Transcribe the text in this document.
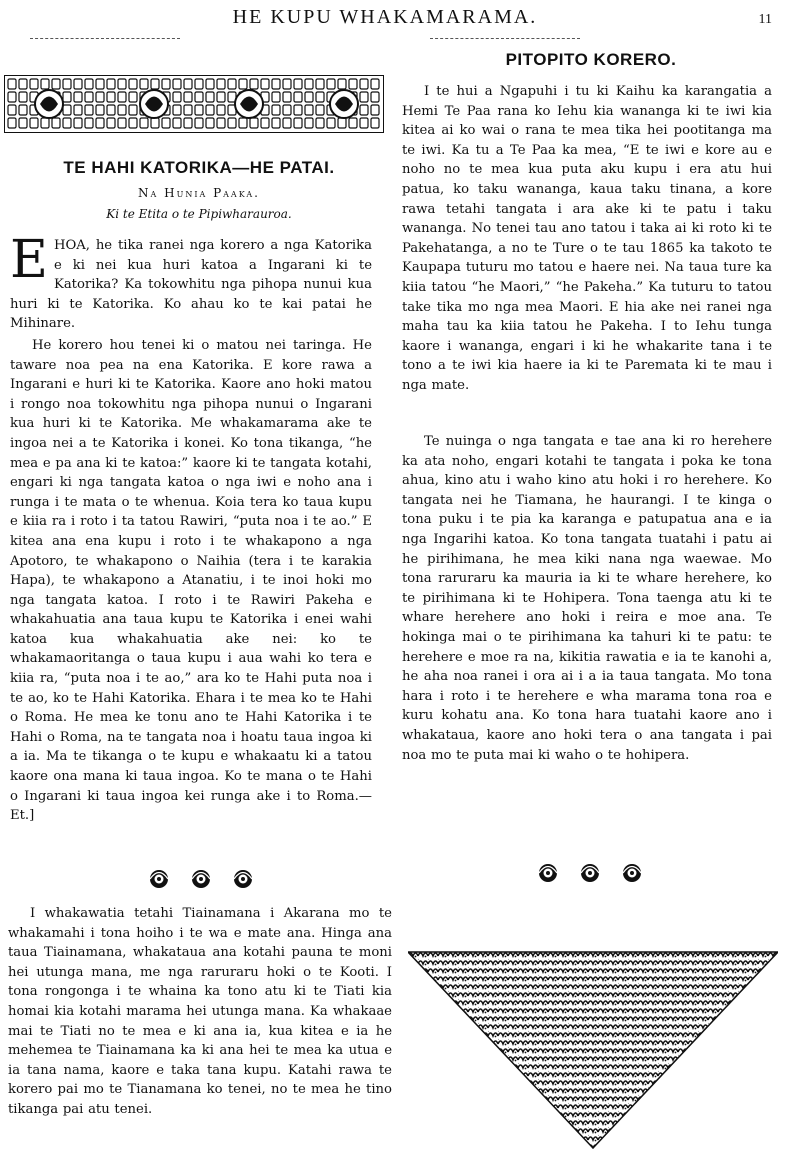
HE KUPU WHAKAMARAMA.	11
TE HAHI KATORIKA—HE PATAI.
Na Hunia Paaka.
Ki te Etita o te Pipiwharauroa.

EHOA, he tika ranei nga korero a nga Katorika e ki nei kua huri katoa a Ingarani ki te Katorika? Ka tokowhitu nga pihopa nunui kua huri ki te Katorika. Ko ahau ko te kai patai he Mihinare.

He korero hou tenei ki o matou nei taringa. He taware noa pea na ena Katorika. E kore rawa a Ingarani e huri ki te Katorika. Kaore ano hoki matou i rongo noa tokowhitu nga pihopa nunui o Ingarani kua huri ki te Katorika. Me whakamarama ake te ingoa nei a te Katorika i konei. Ko tona tikanga, “he mea e pa ana ki te katoa:” kaore ki te tangata kotahi, engari ki nga tangata katoa o nga iwi e noho ana i runga i te mata o te whenua. Koia tera ko taua kupu e kiia ra i roto i ta tatou Rawiri, “puta noa i te ao.” E kitea ana ena kupu i roto i te whakapono a nga Apotoro, te whakapono o Naihia (tera i te karakia Hapa), te whakapono a Atanatiu, i te inoi hoki mo nga tangata katoa. I roto i te Rawiri Pakeha e whakahuatia ana taua kupu te Katorika i enei wahi katoa kua whakahuatia ake nei: ko te whakamaoritanga o taua kupu i aua wahi ko tera e kiia ra, “puta noa i te ao,” ara ko te Hahi puta noa i te ao, ko te Hahi Katorika. Ehara i te mea ko te Hahi o Roma. He mea ke tonu ano te Hahi Katorika i te Hahi o Roma, na te tangata noa i hoatu taua ingoa ki a ia. Ma te tikanga o te kupu e whakaatu ki a tatou kaore ona mana ki taua ingoa. Ko te mana o te Hahi o Ingarani ki taua ingoa kei runga ake i to Roma.—Et.]

PITOPITO KORERO.

I te hui a Ngapuhi i tu ki Kaihu ka karangatia a Hemi Te Paa rana ko Iehu kia wananga ki te iwi kia kitea ai ko wai o rana te mea tika hei pootitanga ma te iwi. Ka tu a Te Paa ka mea, “E te iwi e kore au e noho no te mea kua puta aku kupu i era atu hui patua, ko taku wananga, kaua taku tinana, a kore rawa tetahi tangata i ara ake ki te patu i taku wananga. No tenei tau ano tatou i taka ai ki roto ki te Pakehatanga, a no te Ture o te tau 1865 ka takoto te Kaupapa tuturu mo tatou e haere nei. Na taua ture ka kiia tatou “he Maori,” “he Pakeha.” Ka tuturu to tatou take tika mo nga mea Maori. E hia ake nei ranei nga maha tau ka kiia tatou he Pakeha. I to Iehu tunga kaore i wananga, engari i ki he whakarite tana i te tono a te iwi kia haere ia ki te Paremata ki te mau i nga mate.

Te nuinga o nga tangata e tae ana ki ro herehere ka ata noho, engari kotahi te tangata i poka ke tona ahua, kino atu i waho kino atu hoki i ro herehere. Ko tangata nei he Tiamana, he haurangi. I te kinga o tona puku i te pia ka karanga e patupatua ana e ia nga Ingarihi katoa. Ko tona tangata tuatahi i patu ai he pirihimana, he mea kiki nana nga waewae. Mo tona raruraru ka mauria ia ki te whare herehere, ko te pirihimana ki te Hohipera. Tona taenga atu ki te whare herehere ano hoki i reira e moe ana. Te hokinga mai o te pirihimana ka tahuri ki te patu: te herehere e moe ra na, kikitia rawatia e ia te kanohi a, he aha noa ranei i ora ai i a ia taua tangata. Mo tona hara i roto i te herehere e wha marama tona roa e kuru kohatu ana. Ko tona hara tuatahi kaore ano i whakataua, kaore ano hoki tera o ana tangata i pai noa mo te puta mai ki waho o te hohipera.

I whakawatia tetahi Tiainamana i Akarana mo te whakamahi i tona hoiho i te wa e mate ana. Hinga ana taua Tiainamana, whakataua ana kotahi pauna te moni hei utunga mana, me nga raruraru hoki o te Kooti. I tona rongonga i te whaina ka tono atu ki te Tiati kia homai kia kotahi marama hei utunga mana. Ka whakaae mai te Tiati no te mea e ki ana ia, kua kitea e ia he mehemea te Tiainamana ka ki ana hei te mea ka utua e ia tana nama, kaore e taka tana kupu. Katahi rawa te korero pai mo te Tianamana ko tenei, no te mea he tino tikanga pai atu tenei.
